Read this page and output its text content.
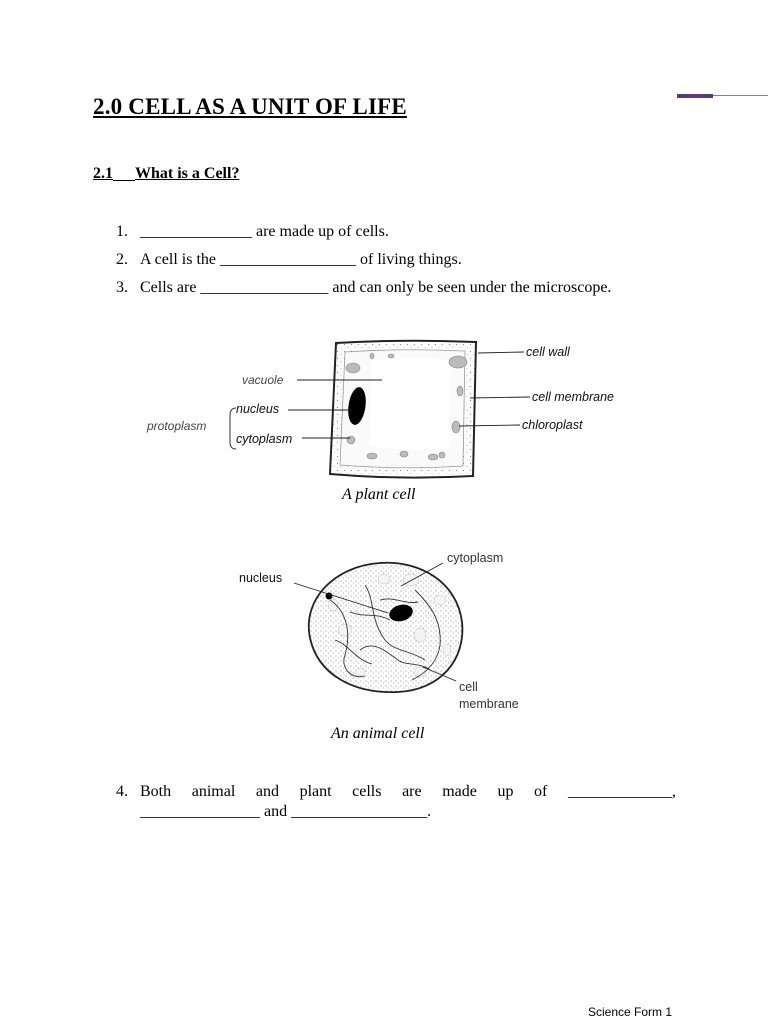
2.0 CELL AS A UNIT OF LIFE
2.1 What is a Cell?
1. ______________ are made up of cells.
2. A cell is the _________________ of living things.
3. Cells are ________________ and can only be seen under the microscope.
vacuole
nucleus
cytoplasm
protoplasm
cell wall
cell membrane
chloroplast
A plant cell
nucleus
cytoplasm
cell
membrane
An animal cell
4. Both animal and plant cells are made up of _____________,
_______________ and _________________.
Science Form 1
